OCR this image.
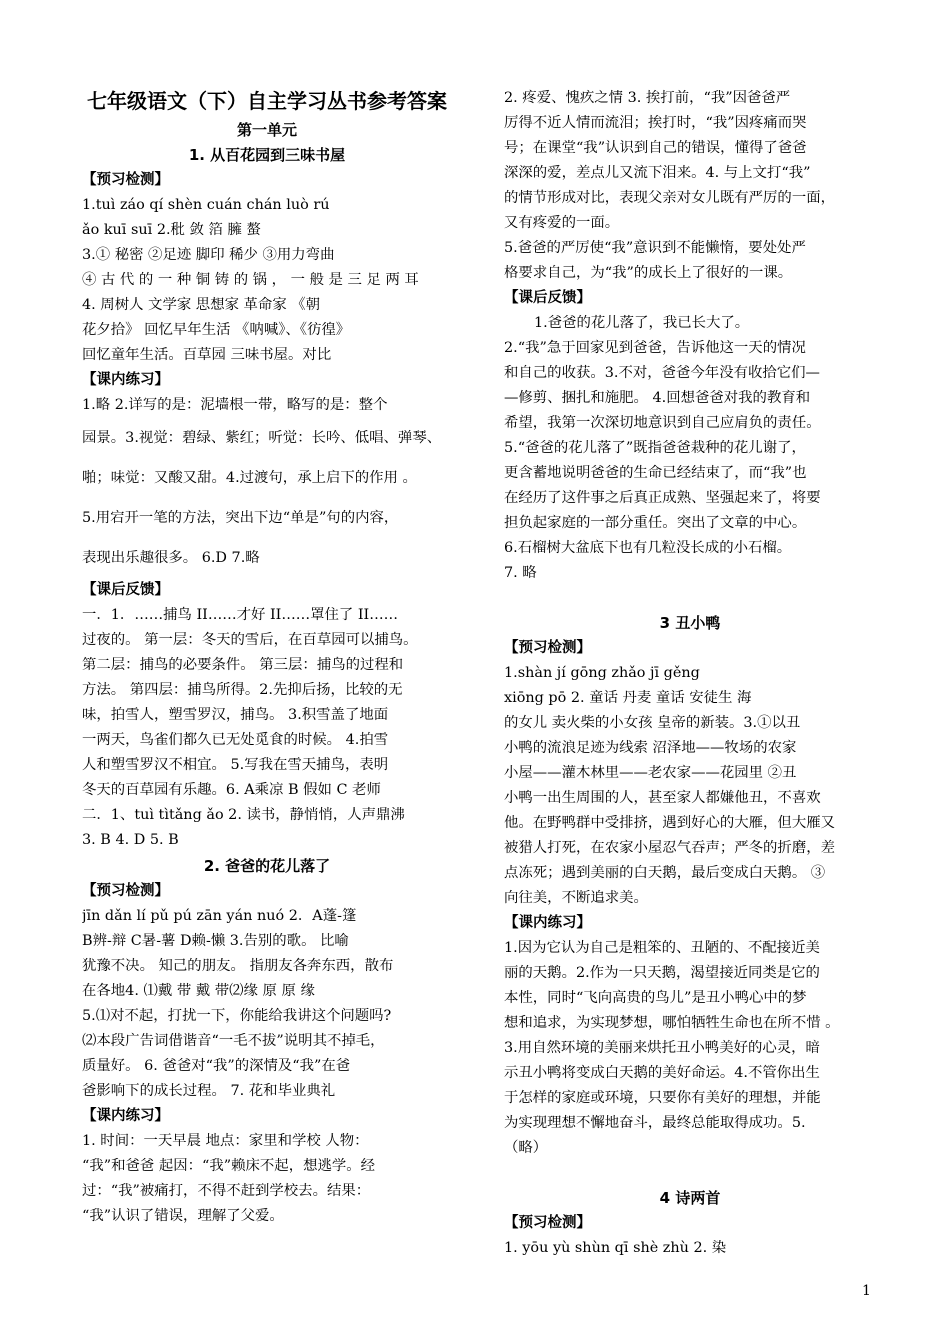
七年级语文（下）自主学习丛书参考答案
第一单元
1. 从百花园到三味书屋
【预习检测】
1.tuì záo qí shèn cuán chán luò rú
ǎo kuī suī 2.秕 敛 箔 臃 螯
3.① 秘密 ②足迹 脚印 稀少 ③用力弯曲
④ 古 代 的 一 种 铜 铸 的 锅 ， 一 般 是 三 足 两 耳
4. 周树人 文学家 思想家 革命家 《朝
花夕拾》 回忆早年生活 《呐喊》、《彷徨》
回忆童年生活。百草园 三味书屋。对比
【课内练习】
1.略 2.详写的是：泥墙根一带，略写的是：整个
园景。3.视觉：碧绿、紫红；听觉：长吟、低唱、弹琴、
啪；味觉：又酸又甜。4.过渡句，承上启下的作用 。
5.用宕开一笔的方法，突出下边“单是”句的内容，
表现出乐趣很多。 6.D 7.略
【课后反馈】
一．1．……捕鸟 II……才好 II……罩住了 II……
过夜的。 第一层：冬天的雪后，在百草园可以捕鸟。
第二层：捕鸟的必要条件。 第三层：捕鸟的过程和
方法。 第四层：捕鸟所得。2.先抑后扬，比较的无
味，拍雪人，塑雪罗汉，捕鸟。 3.积雪盖了地面
一两天，鸟雀们都久已无处觅食的时候。 4.拍雪
人和塑雪罗汉不相宜。 5.写我在雪天捕鸟，表明
冬天的百草园有乐趣。6. A乘凉 B 假如 C 老师
二．1、tuì tìtǎng ǎo 2. 读书，静悄悄，人声鼎沸
3. B 4. D 5. B
2. 爸爸的花儿落了
【预习检测】
jīn dǎn lí pǔ pú zān yán nuó 2．A蓬-篷
B辨-辩 C暑-薯 D赖-懒 3.告别的歌。 比喻
犹豫不决。 知己的朋友。 指朋友各奔东西，散布
在各地4. ⑴戴 带 戴 带⑵缘 原 原 缘
5.⑴对不起，打扰一下，你能给我讲这个问题吗?
⑵本段广告词借谐音“一毛不拔”说明其不掉毛，
质量好。 6. 爸爸对“我”的深情及“我”在爸
爸影响下的成长过程。 7. 花和毕业典礼
【课内练习】
1. 时间：一天早晨 地点：家里和学校 人物：
“我”和爸爸 起因：“我”赖床不起，想逃学。经
过：“我”被痛打，不得不赶到学校去。结果：
“我”认识了错误，理解了父爱。
2. 疼爱、愧疚之情 3. 挨打前，“我”因爸爸严
厉得不近人情而流泪；挨打时，“我”因疼痛而哭
号；在课堂“我”认识到自己的错误，懂得了爸爸
深深的爱，差点儿又流下泪来。4. 与上文打“我”
的情节形成对比，表现父亲对女儿既有严厉的一面，
又有疼爱的一面。
5.爸爸的严厉使“我”意识到不能懒惰，要处处严
格要求自己，为“我”的成长上了很好的一课。
【课后反馈】
1.爸爸的花儿落了，我已长大了。
2.“我”急于回家见到爸爸，告诉他这一天的情况
和自己的收获。3.不对，爸爸今年没有收拾它们—
—修剪、捆扎和施肥。 4.回想爸爸对我的教育和
希望，我第一次深切地意识到自己应肩负的责任。
5.“爸爸的花儿落了”既指爸爸栽种的花儿谢了，
更含蓄地说明爸爸的生命已经结束了，而“我”也
在经历了这件事之后真正成熟、坚强起来了，将要
担负起家庭的一部分重任。突出了文章的中心。
6.石榴树大盆底下也有几粒没长成的小石榴。
7. 略
3 丑小鸭
【预习检测】
1.shàn jí gōng zhǎo jī gěng
xiōng pō 2. 童话 丹麦 童话 安徒生 海
的女儿 卖火柴的小女孩 皇帝的新装。3.①以丑
小鸭的流浪足迹为线索 沼泽地——牧场的农家
小屋——灌木林里——老农家——花园里 ②丑
小鸭一出生周围的人，甚至家人都嫌他丑，不喜欢
他。在野鸭群中受排挤，遇到好心的大雁，但大雁又
被猎人打死，在农家小屋忍气吞声；严冬的折磨，差
点冻死；遇到美丽的白天鹅，最后变成白天鹅。 ③
向往美，不断追求美。
【课内练习】
1.因为它认为自己是粗笨的、丑陋的、不配接近美
丽的天鹅。2.作为一只天鹅，渴望接近同类是它的
本性，同时“飞向高贵的鸟儿”是丑小鸭心中的梦
想和追求，为实现梦想，哪怕牺牲生命也在所不惜 。
3.用自然环境的美丽来烘托丑小鸭美好的心灵，暗
示丑小鸭将变成白天鹅的美好命运。4.不管你出生
于怎样的家庭或环境，只要你有美好的理想，并能
为实现理想不懈地奋斗，最终总能取得成功。5.
（略）
4 诗两首
【预习检测】
1. yōu yù shùn qī shè zhù 2. 染
1
